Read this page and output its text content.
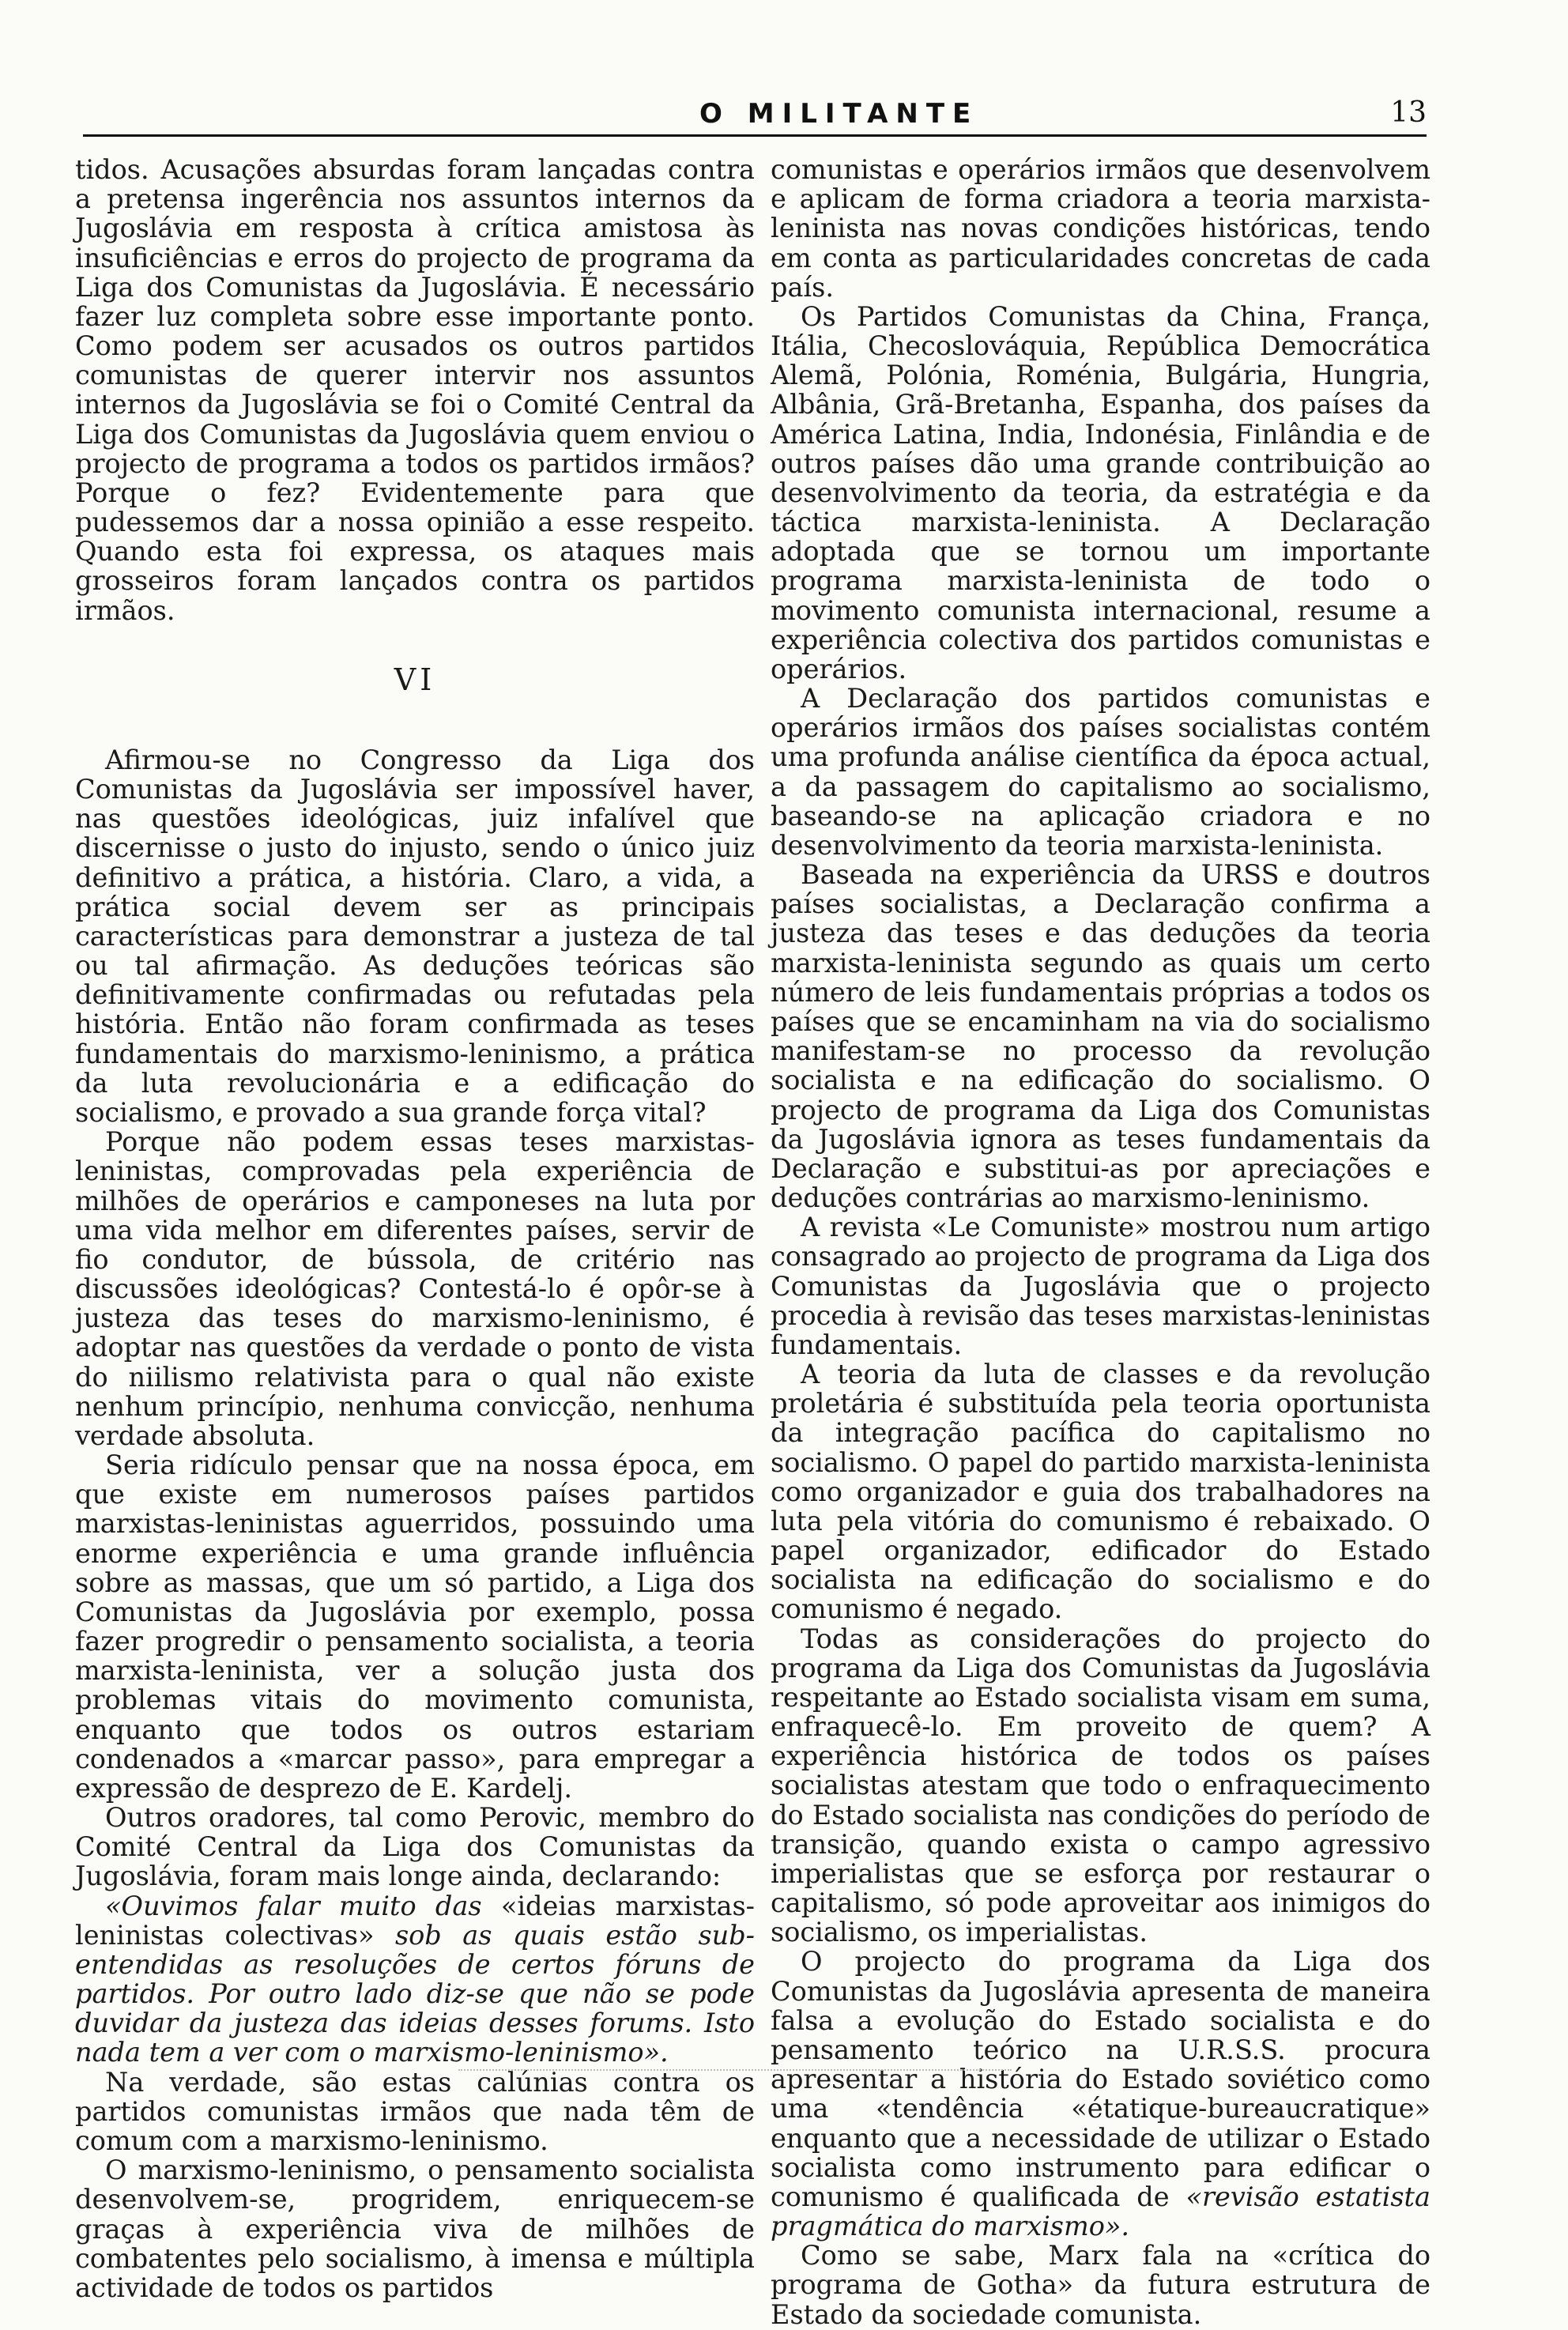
O MILITANTE	13

tidos. Acusações absurdas foram lançadas contra a pretensa ingerência nos assuntos internos da Jugoslávia em resposta à crítica amistosa às insuficiências e erros do projecto de programa da Liga dos Comunistas da Jugoslávia. É necessário fazer luz completa sobre esse importante ponto. Como podem ser acusados os outros partidos comunistas de querer intervir nos assuntos internos da Jugoslávia se foi o Comité Central da Liga dos Comunistas da Jugoslávia quem enviou o projecto de programa a todos os partidos irmãos? Porque o fez? Evidentemente para que pudessemos dar a nossa opinião a esse respeito. Quando esta foi expressa, os ataques mais grosseiros foram lançados contra os partidos irmãos.

VI

Afirmou-se no Congresso da Liga dos Comunistas da Jugoslávia ser impossível haver, nas questões ideológicas, juiz infalível que discernisse o justo do injusto, sendo o único juiz definitivo a prática, a história. Claro, a vida, a prática social devem ser as principais características para demonstrar a justeza de tal ou tal afirmação. As deduções teóricas são definitivamente confirmadas ou refutadas pela história. Então não foram confirmada as teses fundamentais do marxismo-leninismo, a prática da luta revolucionária e a edificação do socialismo, e provado a sua grande força vital?

Porque não podem essas teses marxistas-leninistas, comprovadas pela experiência de milhões de operários e camponeses na luta por uma vida melhor em diferentes países, servir de fio condutor, de bússola, de critério nas discussões ideológicas? Contestá-lo é opôr-se à justeza das teses do marxismo-leninismo, é adoptar nas questões da verdade o ponto de vista do niilismo relativista para o qual não existe nenhum princípio, nenhuma convicção, nenhuma verdade absoluta.

Seria ridículo pensar que na nossa época, em que existe em numerosos países partidos marxistas-leninistas aguerridos, possuindo uma enorme experiência e uma grande influência sobre as massas, que um só partido, a Liga dos Comunistas da Jugoslávia por exemplo, possa fazer progredir o pensamento socialista, a teoria marxista-leninista, ver a solução justa dos problemas vitais do movimento comunista, enquanto que todos os outros estariam condenados a «marcar passo», para empregar a expressão de desprezo de E. Kardelj.

Outros oradores, tal como Perovic, membro do Comité Central da Liga dos Comunistas da Jugoslávia, foram mais longe ainda, declarando:

«Ouvimos falar muito das «ideias marxistas-leninistas colectivas» sob as quais estão sub-entendidas as resoluções de certos fóruns de partidos. Por outro lado diz-se que não se pode duvidar da justeza das ideias desses forums. Isto nada tem a ver com o marxismo-leninismo».

Na verdade, são estas calúnias contra os partidos comunistas irmãos que nada têm de comum com a marxismo-leninismo.

O marxismo-leninismo, o pensamento socialista desenvolvem-se, progridem, enriquecem-se graças à experiência viva de milhões de combatentes pelo socialismo, à imensa e múltipla actividade de todos os partidos

comunistas e operários irmãos que desenvolvem e aplicam de forma criadora a teoria marxista-leninista nas novas condições históricas, tendo em conta as particularidades concretas de cada país.

Os Partidos Comunistas da China, França, Itália, Checoslováquia, República Democrática Alemã, Polónia, Roménia, Bulgária, Hungria, Albânia, Grã-Bretanha, Espanha, dos países da América Latina, India, Indonésia, Finlândia e de outros países dão uma grande contribuição ao desenvolvimento da teoria, da estratégia e da táctica marxista-leninista. A Declaração adoptada que se tornou um importante programa marxista-leninista de todo o movimento comunista internacional, resume a experiência colectiva dos partidos comunistas e operários.

A Declaração dos partidos comunistas e operários irmãos dos países socialistas contém uma profunda análise científica da época actual, a da passagem do capitalismo ao socialismo, baseando-se na aplicação criadora e no desenvolvimento da teoria marxista-leninista.

Baseada na experiência da URSS e doutros países socialistas, a Declaração confirma a justeza das teses e das deduções da teoria marxista-leninista segundo as quais um certo número de leis fundamentais próprias a todos os países que se encaminham na via do socialismo manifestam-se no processo da revolução socialista e na edificação do socialismo. O projecto de programa da Liga dos Comunistas da Jugoslávia ignora as teses fundamentais da Declaração e substitui-as por apreciações e deduções contrárias ao marxismo-leninismo.

A revista «Le Comuniste» mostrou num artigo consagrado ao projecto de programa da Liga dos Comunistas da Jugoslávia que o projecto procedia à revisão das teses marxistas-leninistas fundamentais.

A teoria da luta de classes e da revolução proletária é substituída pela teoria oportunista da integração pacífica do capitalismo no socialismo. O papel do partido marxista-leninista como organizador e guia dos trabalhadores na luta pela vitória do comunismo é rebaixado. O papel organizador, edificador do Estado socialista na edificação do socialismo e do comunismo é negado.

Todas as considerações do projecto do programa da Liga dos Comunistas da Jugoslávia respeitante ao Estado socialista visam em suma, enfraquecê-lo. Em proveito de quem? A experiência histórica de todos os países socialistas atestam que todo o enfraquecimento do Estado socialista nas condições do período de transição, quando exista o campo agressivo imperialistas que se esforça por restaurar o capitalismo, só pode aproveitar aos inimigos do socialismo, os imperialistas.

O projecto do programa da Liga dos Comunistas da Jugoslávia apresenta de maneira falsa a evolução do Estado socialista e do pensamento teórico na U.R.S.S. procura apresentar a história do Estado soviético como uma «tendência «étatique-bureaucratique» enquanto que a necessidade de utilizar o Estado socialista como instrumento para edificar o comunismo é qualificada de «revisão estatista pragmática do marxismo».

Como se sabe, Marx fala na «crítica do programa de Gotha» da futura estrutura de Estado da sociedade comunista.
